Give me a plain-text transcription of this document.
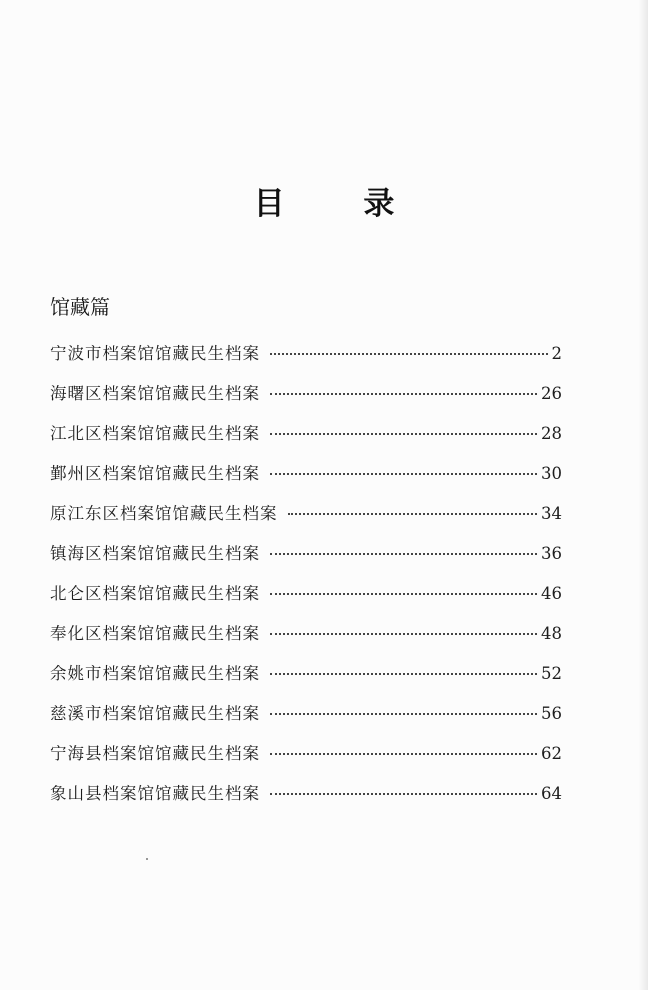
目 录
馆藏篇
宁波市档案馆馆藏民生档案	2
海曙区档案馆馆藏民生档案	26
江北区档案馆馆藏民生档案	28
鄞州区档案馆馆藏民生档案	30
原江东区档案馆馆藏民生档案	34
镇海区档案馆馆藏民生档案	36
北仑区档案馆馆藏民生档案	46
奉化区档案馆馆藏民生档案	48
余姚市档案馆馆藏民生档案	52
慈溪市档案馆馆藏民生档案	56
宁海县档案馆馆藏民生档案	62
象山县档案馆馆藏民生档案	64
